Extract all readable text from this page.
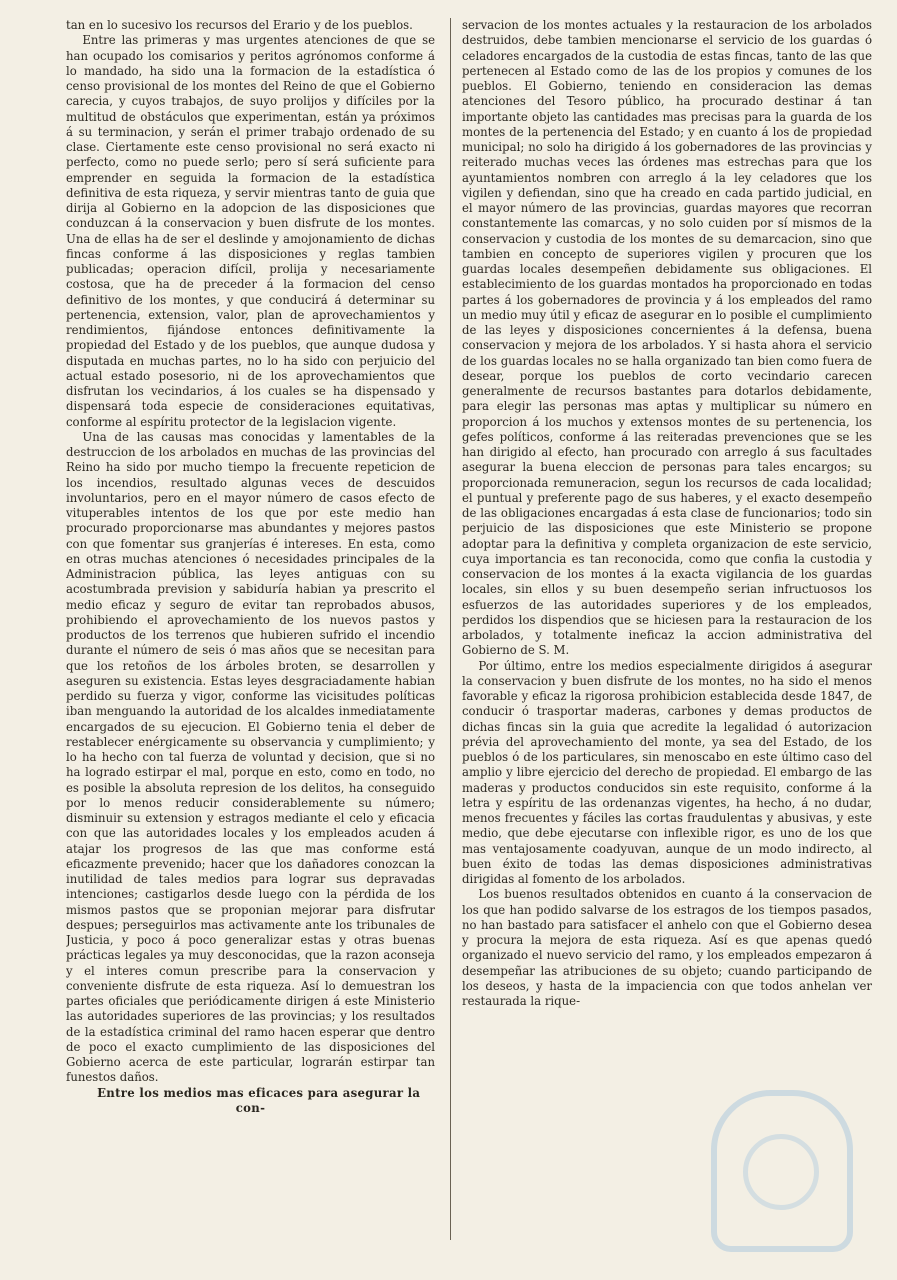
tan en lo sucesivo los recursos del Erario y de los pueblos.

Entre las primeras y mas urgentes atenciones de que se han ocupado los comisarios y peritos agrónomos conforme á lo mandado, ha sido una la formacion de la estadística ó censo provisional de los montes del Reino de que el Gobierno carecia, y cuyos trabajos, de suyo prolijos y difíciles por la multitud de obstáculos que experimentan, están ya próximos á su terminacion, y serán el primer trabajo ordenado de su clase. Ciertamente este censo provisional no será exacto ni perfecto, como no puede serlo; pero sí será suficiente para emprender en seguida la formacion de la estadística definitiva de esta riqueza, y servir mientras tanto de guia que dirija al Gobierno en la adopcion de las disposiciones que conduzcan á la conservacion y buen disfrute de los montes. Una de ellas ha de ser el deslinde y amojonamiento de dichas fincas conforme á las disposiciones y reglas tambien publicadas; operacion difícil, prolija y necesariamente costosa, que ha de preceder á la formacion del censo definitivo de los montes, y que conducirá á determinar su pertenencia, extension, valor, plan de aprovechamientos y rendimientos, fijándose entonces definitivamente la propiedad del Estado y de los pueblos, que aunque dudosa y disputada en muchas partes, no lo ha sido con perjuicio del actual estado posesorio, ni de los aprovechamientos que disfrutan los vecindarios, á los cuales se ha dispensado y dispensará toda especie de consideraciones equitativas, conforme al espíritu protector de la legislacion vigente.

Una de las causas mas conocidas y lamentables de la destruccion de los arbolados en muchas de las provincias del Reino ha sido por mucho tiempo la frecuente repeticion de los incendios, resultado algunas veces de descuidos involuntarios, pero en el mayor número de casos efecto de vituperables intentos de los que por este medio han procurado proporcionarse mas abundantes y mejores pastos con que fomentar sus granjerías é intereses. En esta, como en otras muchas atenciones ó necesidades principales de la Administracion pública, las leyes antiguas con su acostumbrada prevision y sabiduría habian ya prescrito el medio eficaz y seguro de evitar tan reprobados abusos, prohibiendo el aprovechamiento de los nuevos pastos y productos de los terrenos que hubieren sufrido el incendio durante el número de seis ó mas años que se necesitan para que los retoños de los árboles broten, se desarrollen y aseguren su existencia. Estas leyes desgraciadamente habian perdido su fuerza y vigor, conforme las vicisitudes políticas iban menguando la autoridad de los alcaldes inmediatamente encargados de su ejecucion. El Gobierno tenia el deber de restablecer enérgicamente su observancia y cumplimiento; y lo ha hecho con tal fuerza de voluntad y decision, que si no ha logrado estirpar el mal, porque en esto, como en todo, no es posible la absoluta represion de los delitos, ha conseguido por lo menos reducir considerablemente su número; disminuir su extension y estragos mediante el celo y eficacia con que las autoridades locales y los empleados acuden á atajar los progresos de las que mas conforme está eficazmente prevenido; hacer que los dañadores conozcan la inutilidad de tales medios para lograr sus depravadas intenciones; castigarlos desde luego con la pérdida de los mismos pastos que se proponian mejorar para disfrutar despues; perseguirlos mas activamente ante los tribunales de Justicia, y poco á poco generalizar estas y otras buenas prácticas legales ya muy desconocidas, que la razon aconseja y el interes comun prescribe para la conservacion y conveniente disfrute de esta riqueza. Así lo demuestran los partes oficiales que periódicamente dirigen á este Ministerio las autoridades superiores de las provincias; y los resultados de la estadística criminal del ramo hacen esperar que dentro de poco el exacto cumplimiento de las disposiciones del Gobierno acerca de este particular, lograrán estirpar tan funestos daños.

Entre los medios mas eficaces para asegurar la con-

servacion de los montes actuales y la restauracion de los arbolados destruidos, debe tambien mencionarse el servicio de los guardas ó celadores encargados de la custodia de estas fincas, tanto de las que pertenecen al Estado como de las de los propios y comunes de los pueblos. El Gobierno, teniendo en consideracion las demas atenciones del Tesoro público, ha procurado destinar á tan importante objeto las cantidades mas precisas para la guarda de los montes de la pertenencia del Estado; y en cuanto á los de propiedad municipal; no solo ha dirigido á los gobernadores de las provincias y reiterado muchas veces las órdenes mas estrechas para que los ayuntamientos nombren con arreglo á la ley celadores que los vigilen y defiendan, sino que ha creado en cada partido judicial, en el mayor número de las provincias, guardas mayores que recorran constantemente las comarcas, y no solo cuiden por sí mismos de la conservacion y custodia de los montes de su demarcacion, sino que tambien en concepto de superiores vigilen y procuren que los guardas locales desempeñen debidamente sus obligaciones. El establecimiento de los guardas montados ha proporcionado en todas partes á los gobernadores de provincia y á los empleados del ramo un medio muy útil y eficaz de asegurar en lo posible el cumplimiento de las leyes y disposiciones concernientes á la defensa, buena conservacion y mejora de los arbolados. Y si hasta ahora el servicio de los guardas locales no se halla organizado tan bien como fuera de desear, porque los pueblos de corto vecindario carecen generalmente de recursos bastantes para dotarlos debidamente, para elegir las personas mas aptas y multiplicar su número en proporcion á los muchos y extensos montes de su pertenencia, los gefes políticos, conforme á las reiteradas prevenciones que se les han dirigido al efecto, han procurado con arreglo á sus facultades asegurar la buena eleccion de personas para tales encargos; su proporcionada remuneracion, segun los recursos de cada localidad; el puntual y preferente pago de sus haberes, y el exacto desempeño de las obligaciones encargadas á esta clase de funcionarios; todo sin perjuicio de las disposiciones que este Ministerio se propone adoptar para la definitiva y completa organizacion de este servicio, cuya importancia es tan reconocida, como que confia la custodia y conservacion de los montes á la exacta vigilancia de los guardas locales, sin ellos y su buen desempeño serian infructuosos los esfuerzos de las autoridades superiores y de los empleados, perdidos los dispendios que se hiciesen para la restauracion de los arbolados, y totalmente ineficaz la accion administrativa del Gobierno de S. M.

Por último, entre los medios especialmente dirigidos á asegurar la conservacion y buen disfrute de los montes, no ha sido el menos favorable y eficaz la rigorosa prohibicion establecida desde 1847, de conducir ó trasportar maderas, carbones y demas productos de dichas fincas sin la guia que acredite la legalidad ó autorizacion prévia del aprovechamiento del monte, ya sea del Estado, de los pueblos ó de los particulares, sin menoscabo en este último caso del amplio y libre ejercicio del derecho de propiedad. El embargo de las maderas y productos conducidos sin este requisito, conforme á la letra y espíritu de las ordenanzas vigentes, ha hecho, á no dudar, menos frecuentes y fáciles las cortas fraudulentas y abusivas, y este medio, que debe ejecutarse con inflexible rigor, es uno de los que mas ventajosamente coadyuvan, aunque de un modo indirecto, al buen éxito de todas las demas disposiciones administrativas dirigidas al fomento de los arbolados.

Los buenos resultados obtenidos en cuanto á la conservacion de los que han podido salvarse de los estragos de los tiempos pasados, no han bastado para satisfacer el anhelo con que el Gobierno desea y procura la mejora de esta riqueza. Así es que apenas quedó organizado el nuevo servicio del ramo, y los empleados empezaron á desempeñar las atribuciones de su objeto; cuando participando de los deseos, y hasta de la impaciencia con que todos anhelan ver restaurada la rique-
